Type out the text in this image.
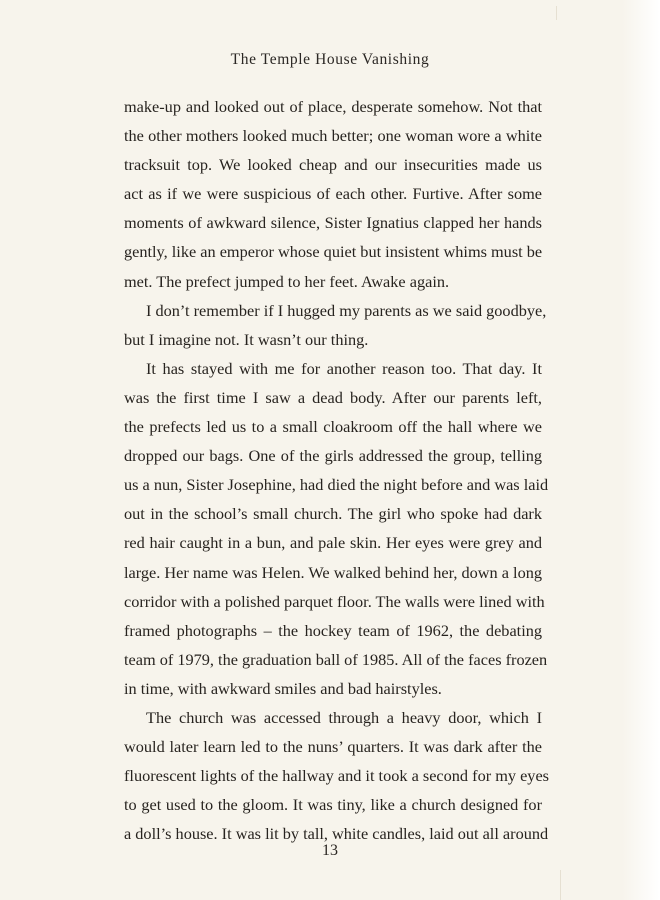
The Temple House Vanishing
make-up and looked out of place, desperate somehow. Not that
the other mothers looked much better; one woman wore a white
tracksuit top. We looked cheap and our insecurities made us
act as if we were suspicious of each other. Furtive. After some
moments of awkward silence, Sister Ignatius clapped her hands
gently, like an emperor whose quiet but insistent whims must be
met. The prefect jumped to her feet. Awake again.
I don’t remember if I hugged my parents as we said goodbye,
but I imagine not. It wasn’t our thing.
It has stayed with me for another reason too. That day. It
was the first time I saw a dead body. After our parents left,
the prefects led us to a small cloakroom off the hall where we
dropped our bags. One of the girls addressed the group, telling
us a nun, Sister Josephine, had died the night before and was laid
out in the school’s small church. The girl who spoke had dark
red hair caught in a bun, and pale skin. Her eyes were grey and
large. Her name was Helen. We walked behind her, down a long
corridor with a polished parquet floor. The walls were lined with
framed photographs – the hockey team of 1962, the debating
team of 1979, the graduation ball of 1985. All of the faces frozen
in time, with awkward smiles and bad hairstyles.
The church was accessed through a heavy door, which I
would later learn led to the nuns’ quarters. It was dark after the
fluorescent lights of the hallway and it took a second for my eyes
to get used to the gloom. It was tiny, like a church designed for
a doll’s house. It was lit by tall, white candles, laid out all around
13
